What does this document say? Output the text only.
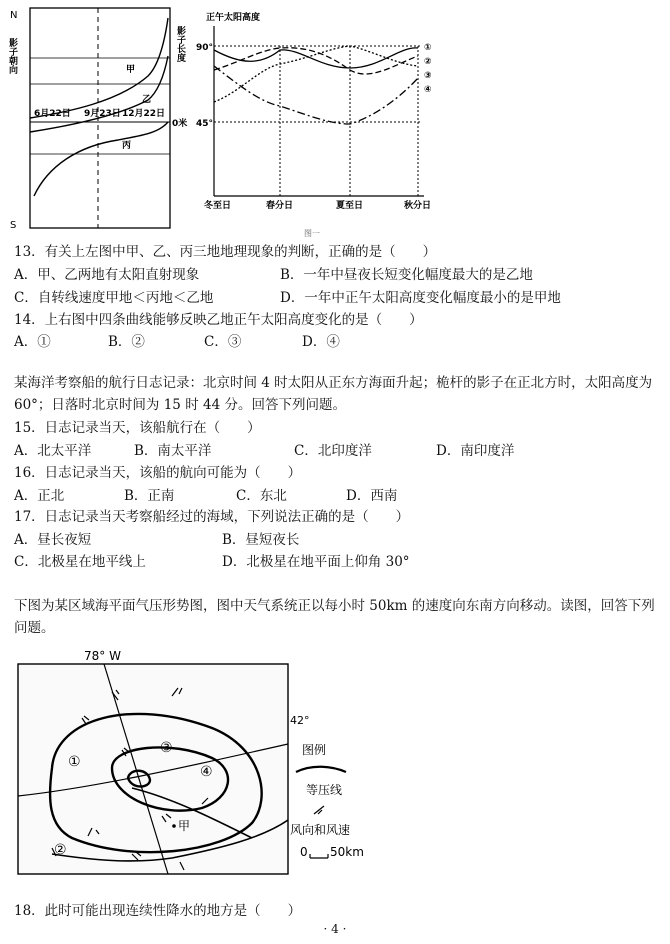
N
S
影子朝向	影子长度
0米
6月22日 9月23日 12月22日
甲
乙
丙
正午太阳高度
90°
45°
冬至日	春分日	夏至日	秋分日
①
②
③
④
图一
13．有关上左图中甲、乙、丙三地地理现象的判断，正确的是（　　）
A．甲、乙两地有太阳直射现象	B．一年中昼夜长短变化幅度最大的是乙地
C．自转线速度甲地＜丙地＜乙地	D．一年中正午太阳高度变化幅度最小的是甲地
14．上右图中四条曲线能够反映乙地正午太阳高度变化的是（　　）
A．①	B．②	C．③	D．④
某海洋考察船的航行日志记录：北京时间 4 时太阳从正东方海面升起；桅杆的影子在正北方时，太阳高度为 60°；日落时北京时间为 15 时 44 分。回答下列问题。
15．日志记录当天，该船航行在（　　）
A．北太平洋	B．南太平洋	C．北印度洋	D．南印度洋
16．日志记录当天，该船的航向可能为（　　）
A．正北	B．正南	C．东北	D．西南
17．日志记录当天考察船经过的海域，下列说法正确的是（　　）
A．昼长夜短	B．昼短夜长
C．北极星在地平线上	D．北极星在地平面上仰角 30°
下图为某区域海平面气压形势图，图中天气系统正以每小时 50km 的速度向东南方向移动。读图，回答下列问题。
78° W
42°
①
②
③
④
甲
图例
等压线
风向和风速
0 50km
18．此时可能出现连续性降水的地方是（　　）
· 4 ·
